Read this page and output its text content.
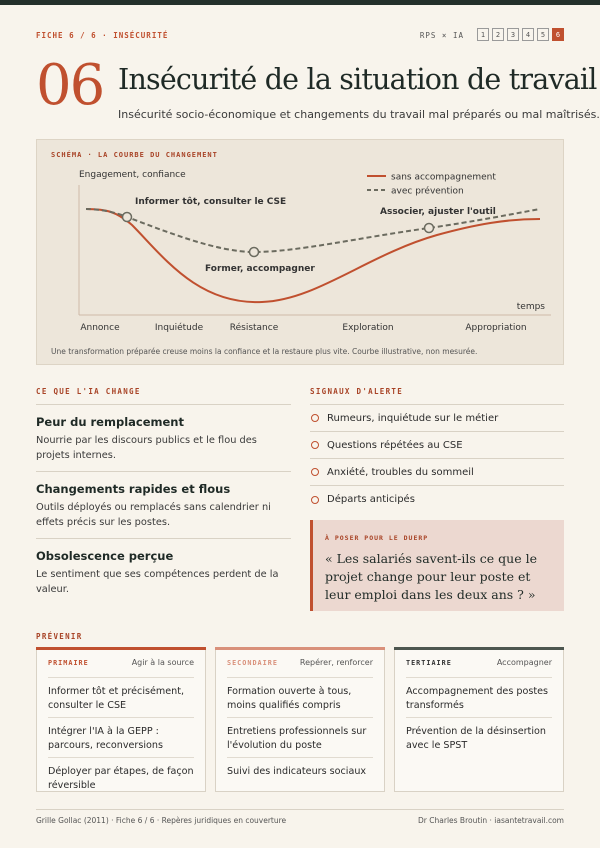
FICHE 6 / 6 · INSÉCURITÉ	RPS × IA	1	2	3	4	5	6
06 Insécurité de la situation de travail
Insécurité socio-économique et changements du travail mal préparés ou mal maîtrisés.
SCHÉMA · LA COURBE DU CHANGEMENT
Engagement, confiance
temps
sans accompagnement
avec prévention
Informer tôt, consulter le CSE
Former, accompagner
Associer, ajuster l'outil
Annonce	Inquiétude	Résistance	Exploration	Appropriation
Une transformation préparée creuse moins la confiance et la restaure plus vite. Courbe illustrative, non mesurée.
CE QUE L'IA CHANGE
Peur du remplacement
Nourrie par les discours publics et le flou des projets internes.
Changements rapides et flous
Outils déployés ou remplacés sans calendrier ni effets précis sur les postes.
Obsolescence perçue
Le sentiment que ses compétences perdent de la valeur.
SIGNAUX D'ALERTE
Rumeurs, inquiétude sur le métier
Questions répétées au CSE
Anxiété, troubles du sommeil
Départs anticipés
À POSER POUR LE DUERP
« Les salariés savent-ils ce que le projet change pour leur poste et leur emploi dans les deux ans ? »
PRÉVENIR
PRIMAIRE	Agir à la source
Informer tôt et précisément, consulter le CSE
Intégrer l'IA à la GEPP : parcours, reconversions
Déployer par étapes, de façon réversible
SECONDAIRE	Repérer, renforcer
Formation ouverte à tous, moins qualifiés compris
Entretiens professionnels sur l'évolution du poste
Suivi des indicateurs sociaux
TERTIAIRE	Accompagner
Accompagnement des postes transformés
Prévention de la désinsertion avec le SPST
Grille Gollac (2011) · Fiche 6 / 6 · Repères juridiques en couverture	Dr Charles Broutin · iasantetravail.com
